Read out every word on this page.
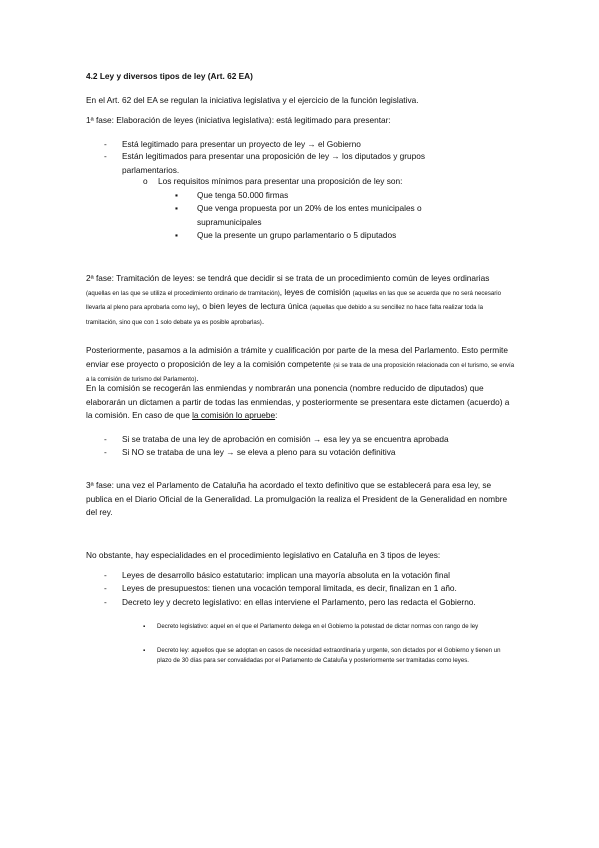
4.2 Ley y diversos tipos de ley (Art. 62 EA)
En el Art. 62 del EA se regulan la iniciativa legislativa y el ejercicio de la función legislativa.
1ª fase: Elaboración de leyes (iniciativa legislativa): está legitimado para presentar:
- Está legitimado para presentar un proyecto de ley → el Gobierno
- Están legitimados para presentar una proposición de ley → los diputados y grupos parlamentarios.
o Los requisitos mínimos para presentar una proposición de ley son:
▪ Que tenga 50.000 firmas
▪ Que venga propuesta por un 20% de los entes municipales o supramunicipales
▪ Que la presente un grupo parlamentario o 5 diputados
2ª fase: Tramitación de leyes: se tendrá que decidir si se trata de un procedimiento común de leyes ordinarias (aquellas en las que se utiliza el procedimiento ordinario de tramitación), leyes de comisión (aquellas en las que se acuerda que no será necesario llevarla al pleno para aprobarla como ley), o bien leyes de lectura única (aquellas que debido a su sencillez no hace falta realizar toda la tramitación, sino que con 1 solo debate ya es posible aprobarlas).
Posteriormente, pasamos a la admisión a trámite y cualificación por parte de la mesa del Parlamento. Esto permite enviar ese proyecto o proposición de ley a la comisión competente (si se trata de una proposición relacionada con el turismo, se envía a la comisión de turismo del Parlamento).
En la comisión se recogerán las enmiendas y nombrarán una ponencia (nombre reducido de diputados) que elaborarán un dictamen a partir de todas las enmiendas, y posteriormente se presentara este dictamen (acuerdo) a la comisión. En caso de que la comisión lo apruebe:
- Si se trataba de una ley de aprobación en comisión → esa ley ya se encuentra aprobada
- Si NO se trataba de una ley → se eleva a pleno para su votación definitiva
3ª fase: una vez el Parlamento de Cataluña ha acordado el texto definitivo que se establecerá para esa ley, se publica en el Diario Oficial de la Generalidad. La promulgación la realiza el President de la Generalidad en nombre del rey.
No obstante, hay especialidades en el procedimiento legislativo en Cataluña en 3 tipos de leyes:
- Leyes de desarrollo básico estatutario: implican una mayoría absoluta en la votación final
- Leyes de presupuestos: tienen una vocación temporal limitada, es decir, finalizan en 1 año.
- Decreto ley y decreto legislativo: en ellas interviene el Parlamento, pero las redacta el Gobierno.
▪ Decreto legislativo: aquel en el que el Parlamento delega en el Gobierno la potestad de dictar normas con rango de ley
▪ Decreto ley: aquellos que se adoptan en casos de necesidad extraordinaria y urgente, son dictados por el Gobierno y tienen un plazo de 30 días para ser convalidadas por el Parlamento de Cataluña y posteriormente ser tramitadas como leyes.
